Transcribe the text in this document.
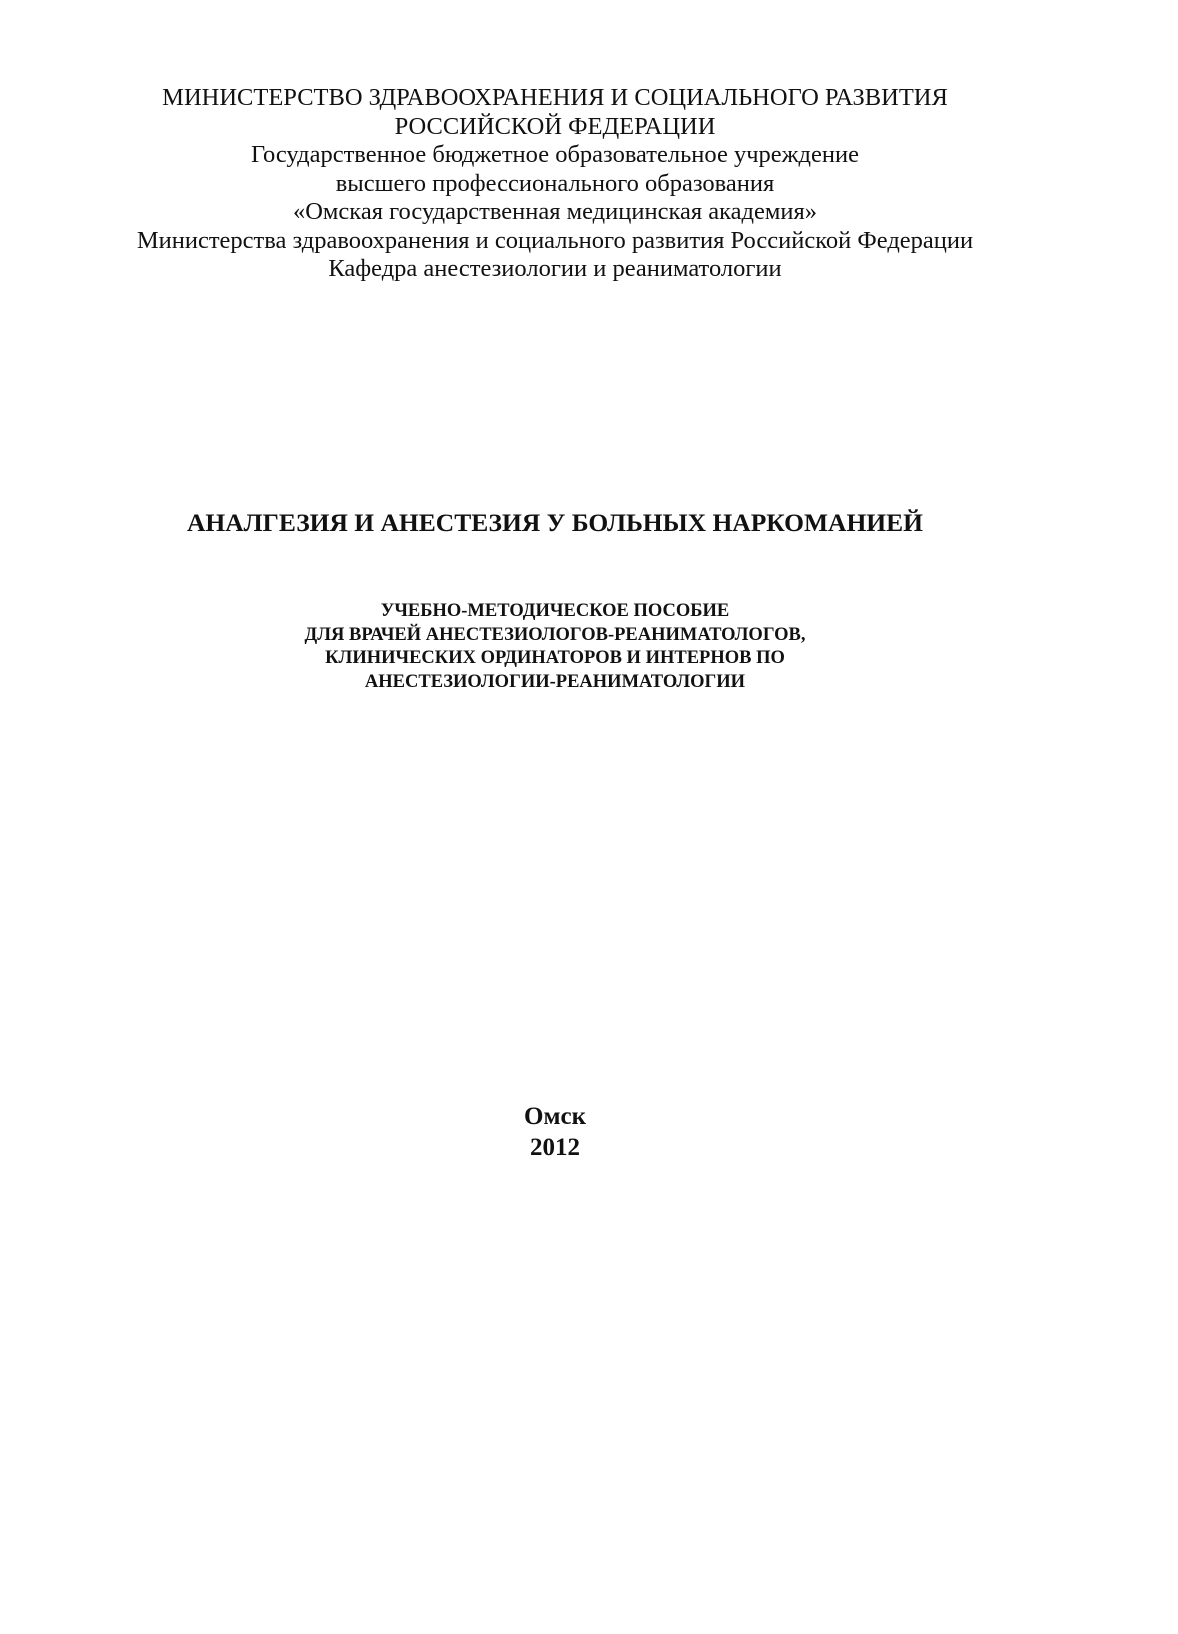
МИНИСТЕРСТВО ЗДРАВООХРАНЕНИЯ И СОЦИАЛЬНОГО РАЗВИТИЯ
РОССИЙСКОЙ ФЕДЕРАЦИИ
Государственное бюджетное образовательное учреждение
высшего профессионального образования
«Омская государственная медицинская академия»
Министерства здравоохранения и социального развития Российской Федерации
Кафедра анестезиологии и реаниматологии
АНАЛГЕЗИЯ И АНЕСТЕЗИЯ У БОЛЬНЫХ НАРКОМАНИЕЙ
УЧЕБНО-МЕТОДИЧЕСКОЕ ПОСОБИЕ
ДЛЯ ВРАЧЕЙ АНЕСТЕЗИОЛОГОВ-РЕАНИМАТОЛОГОВ,
КЛИНИЧЕСКИХ ОРДИНАТОРОВ И ИНТЕРНОВ ПО
АНЕСТЕЗИОЛОГИИ-РЕАНИМАТОЛОГИИ
Омск
2012
